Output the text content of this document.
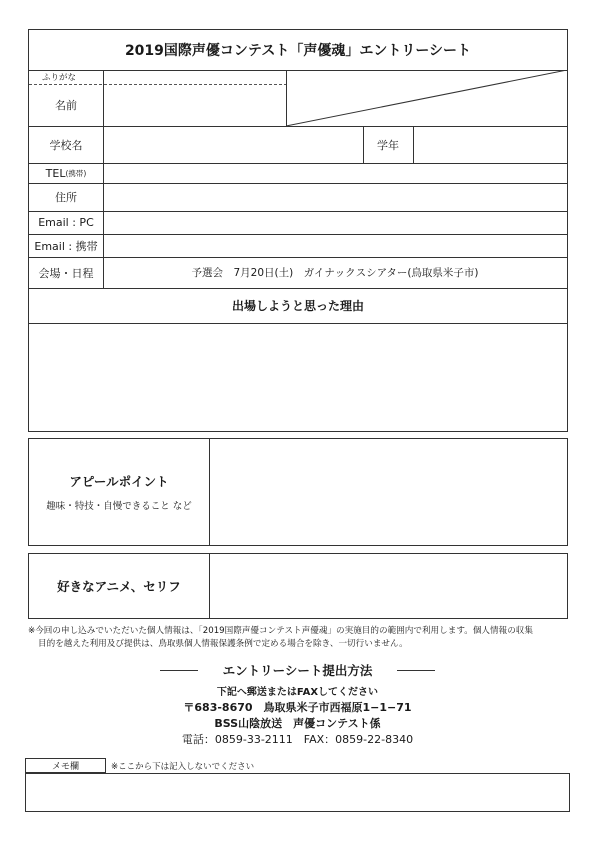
2019国際声優コンテスト「声優魂」エントリーシート
ふりがな
名前
学校名	学年
TEL (携帯)
住所
Email : PC
Email : 携帯
会場・日程	予選会　7月20日(土)　ガイナックスシアター(鳥取県米子市)
出場しようと思った理由
アピールポイント
趣味・特技・自慢できること など
好きなアニメ、セリフ
※今回の申し込みでいただいた個人情報は、「2019国際声優コンテスト声優魂」の実施目的の範囲内で利用します。個人情報の収集
目的を越えた利用及び提供は、鳥取県個人情報保護条例で定める場合を除き、一切行いません。
エントリーシート提出方法
下記へ郵送またはFAXしてください
〒683-8670　鳥取県米子市西福原1−1−71
BSS山陰放送　声優コンテスト係
電話：0859-33-2111　FAX：0859-22-8340
メモ欄	※ここから下は記入しないでください
